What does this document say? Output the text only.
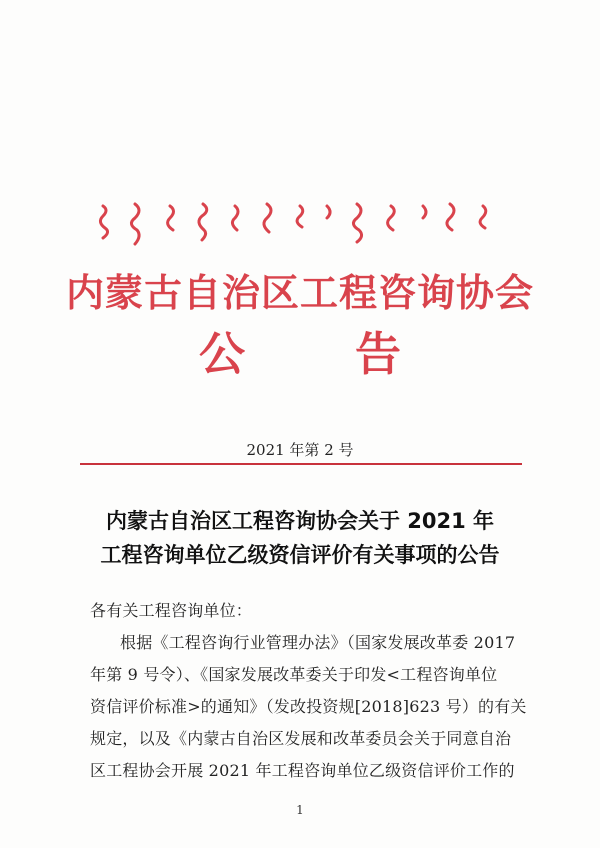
内蒙古自治区工程咨询协会
公告
2021 年第 2 号
内蒙古自治区工程咨询协会关于 2021 年
工程咨询单位乙级资信评价有关事项的公告
各有关工程咨询单位：
根据《工程咨询行业管理办法》（国家发展改革委 2017
年第 9 号令）、《国家发展改革委关于印发<工程咨询单位
资信评价标准>的通知》（发改投资规[2018]623 号）的有关
规定，以及《内蒙古自治区发展和改革委员会关于同意自治
区工程协会开展 2021 年工程咨询单位乙级资信评价工作的
1
